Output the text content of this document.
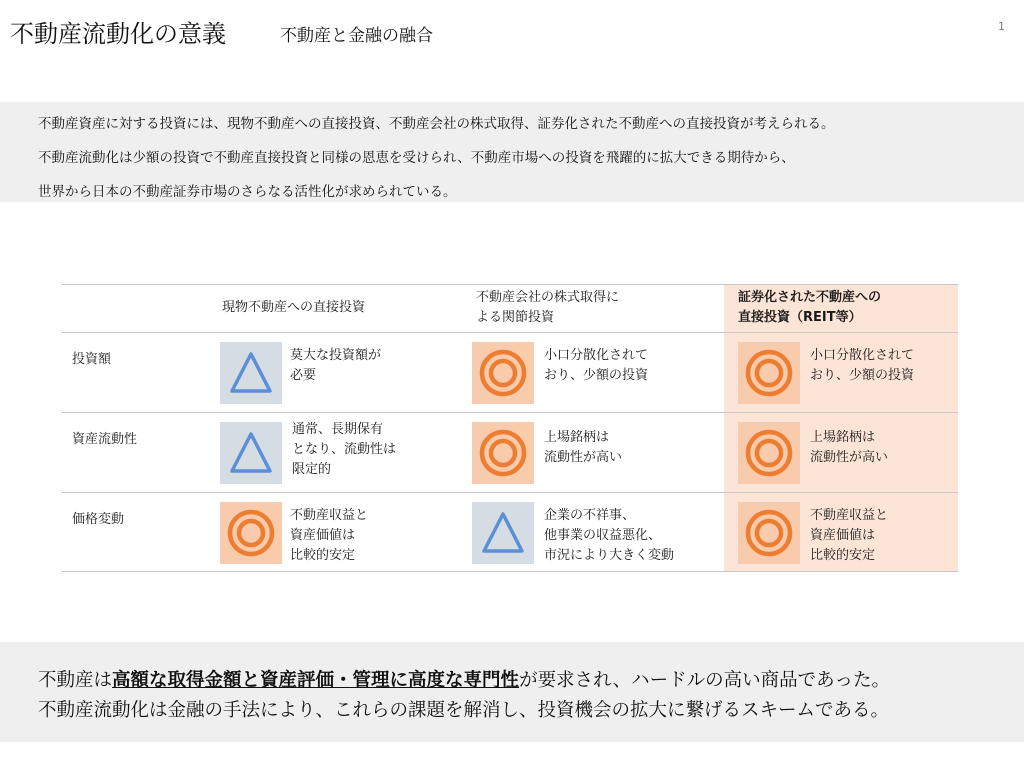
不動産流動化の意義	不動産と金融の融合	1

不動産資産に対する投資には、現物不動産への直接投資、不動産会社の株式取得、証券化された不動産への直接投資が考えられる。

不動産流動化は少額の投資で不動産直接投資と同様の恩恵を受けられ、不動産市場への投資を飛躍的に拡大できる期待から、

世界から日本の不動産証券市場のさらなる活性化が求められている。

現物不動産への直接投資
不動産会社の株式取得に
よる関節投資
証券化された不動産への
直接投資（REIT等）
投資額
資産流動性
価格変動
莫大な投資額が
必要
小口分散化されて
おり、少額の投資
小口分散化されて
おり、少額の投資
通常、長期保有
となり、流動性は
限定的
上場銘柄は
流動性が高い
上場銘柄は
流動性が高い
不動産収益と
資産価値は
比較的安定
企業の不祥事、
他事業の収益悪化、
市況により大きく変動
不動産収益と
資産価値は
比較的安定
不動産は高額な取得金額と資産評価・管理に高度な専門性が要求され、ハードルの高い商品であった。
不動産流動化は金融の手法により、これらの課題を解消し、投資機会の拡大に繋げるスキームである。
